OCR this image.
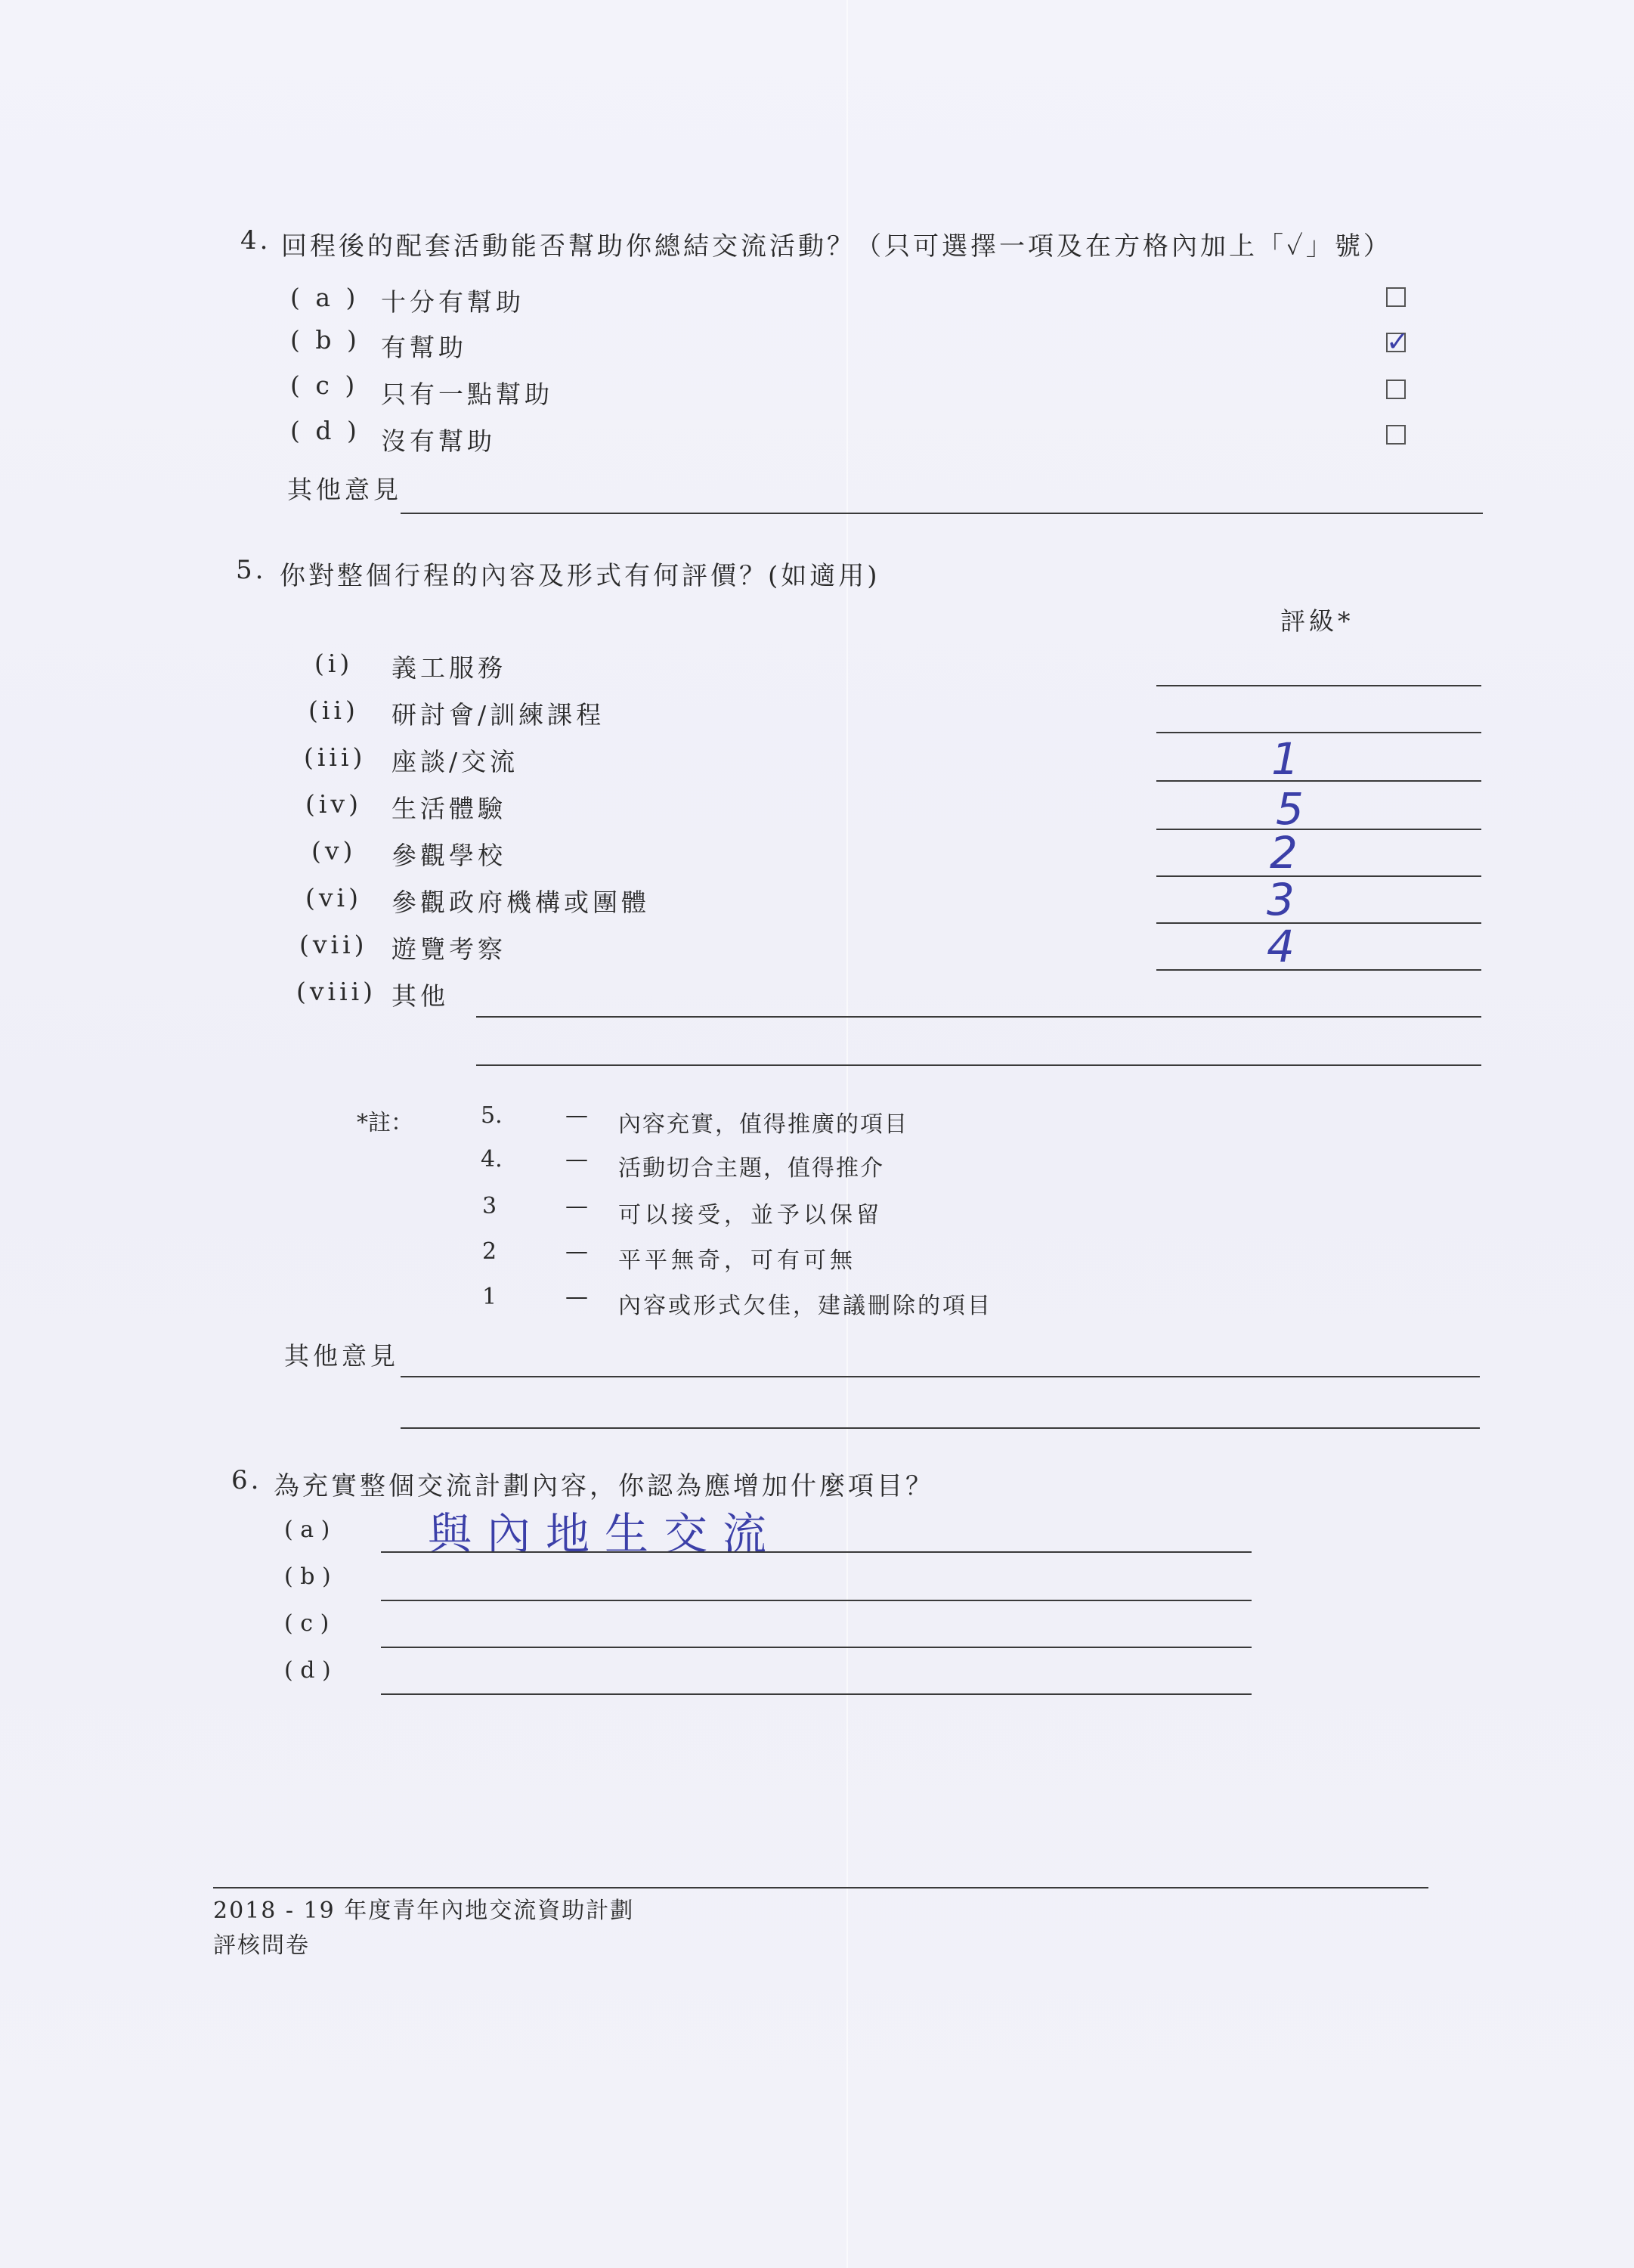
4. 回程後的配套活動能否幫助你總結交流活動？（只可選擇一項及在方格內加上「✓」號）
( a ) 十分有幫助
( b ) 有幫助	✓
( c ) 只有一點幫助
( d ) 沒有幫助
其他意見
5. 你對整個行程的內容及形式有何評價？(如適用)
評級*
(i) 義工服務
(ii) 研討會/訓練課程
(iii) 座談/交流	1
(iv) 生活體驗	5
(v) 參觀學校	2
(vi) 參觀政府機構或團體	3
(vii) 遊覽考察	4
(viii) 其他
*註：	5.	— 內容充實，值得推廣的項目
4.	— 活動切合主題，值得推介
3	— 可以接受，並予以保留
2	— 平平無奇，可有可無
1	— 內容或形式欠佳，建議刪除的項目
其他意見
6. 為充實整個交流計劃內容，你認為應增加什麼項目？
( a ) 與內地生交流
( b )
( c )
( d )
2018 - 19 年度青年內地交流資助計劃
評核問卷
